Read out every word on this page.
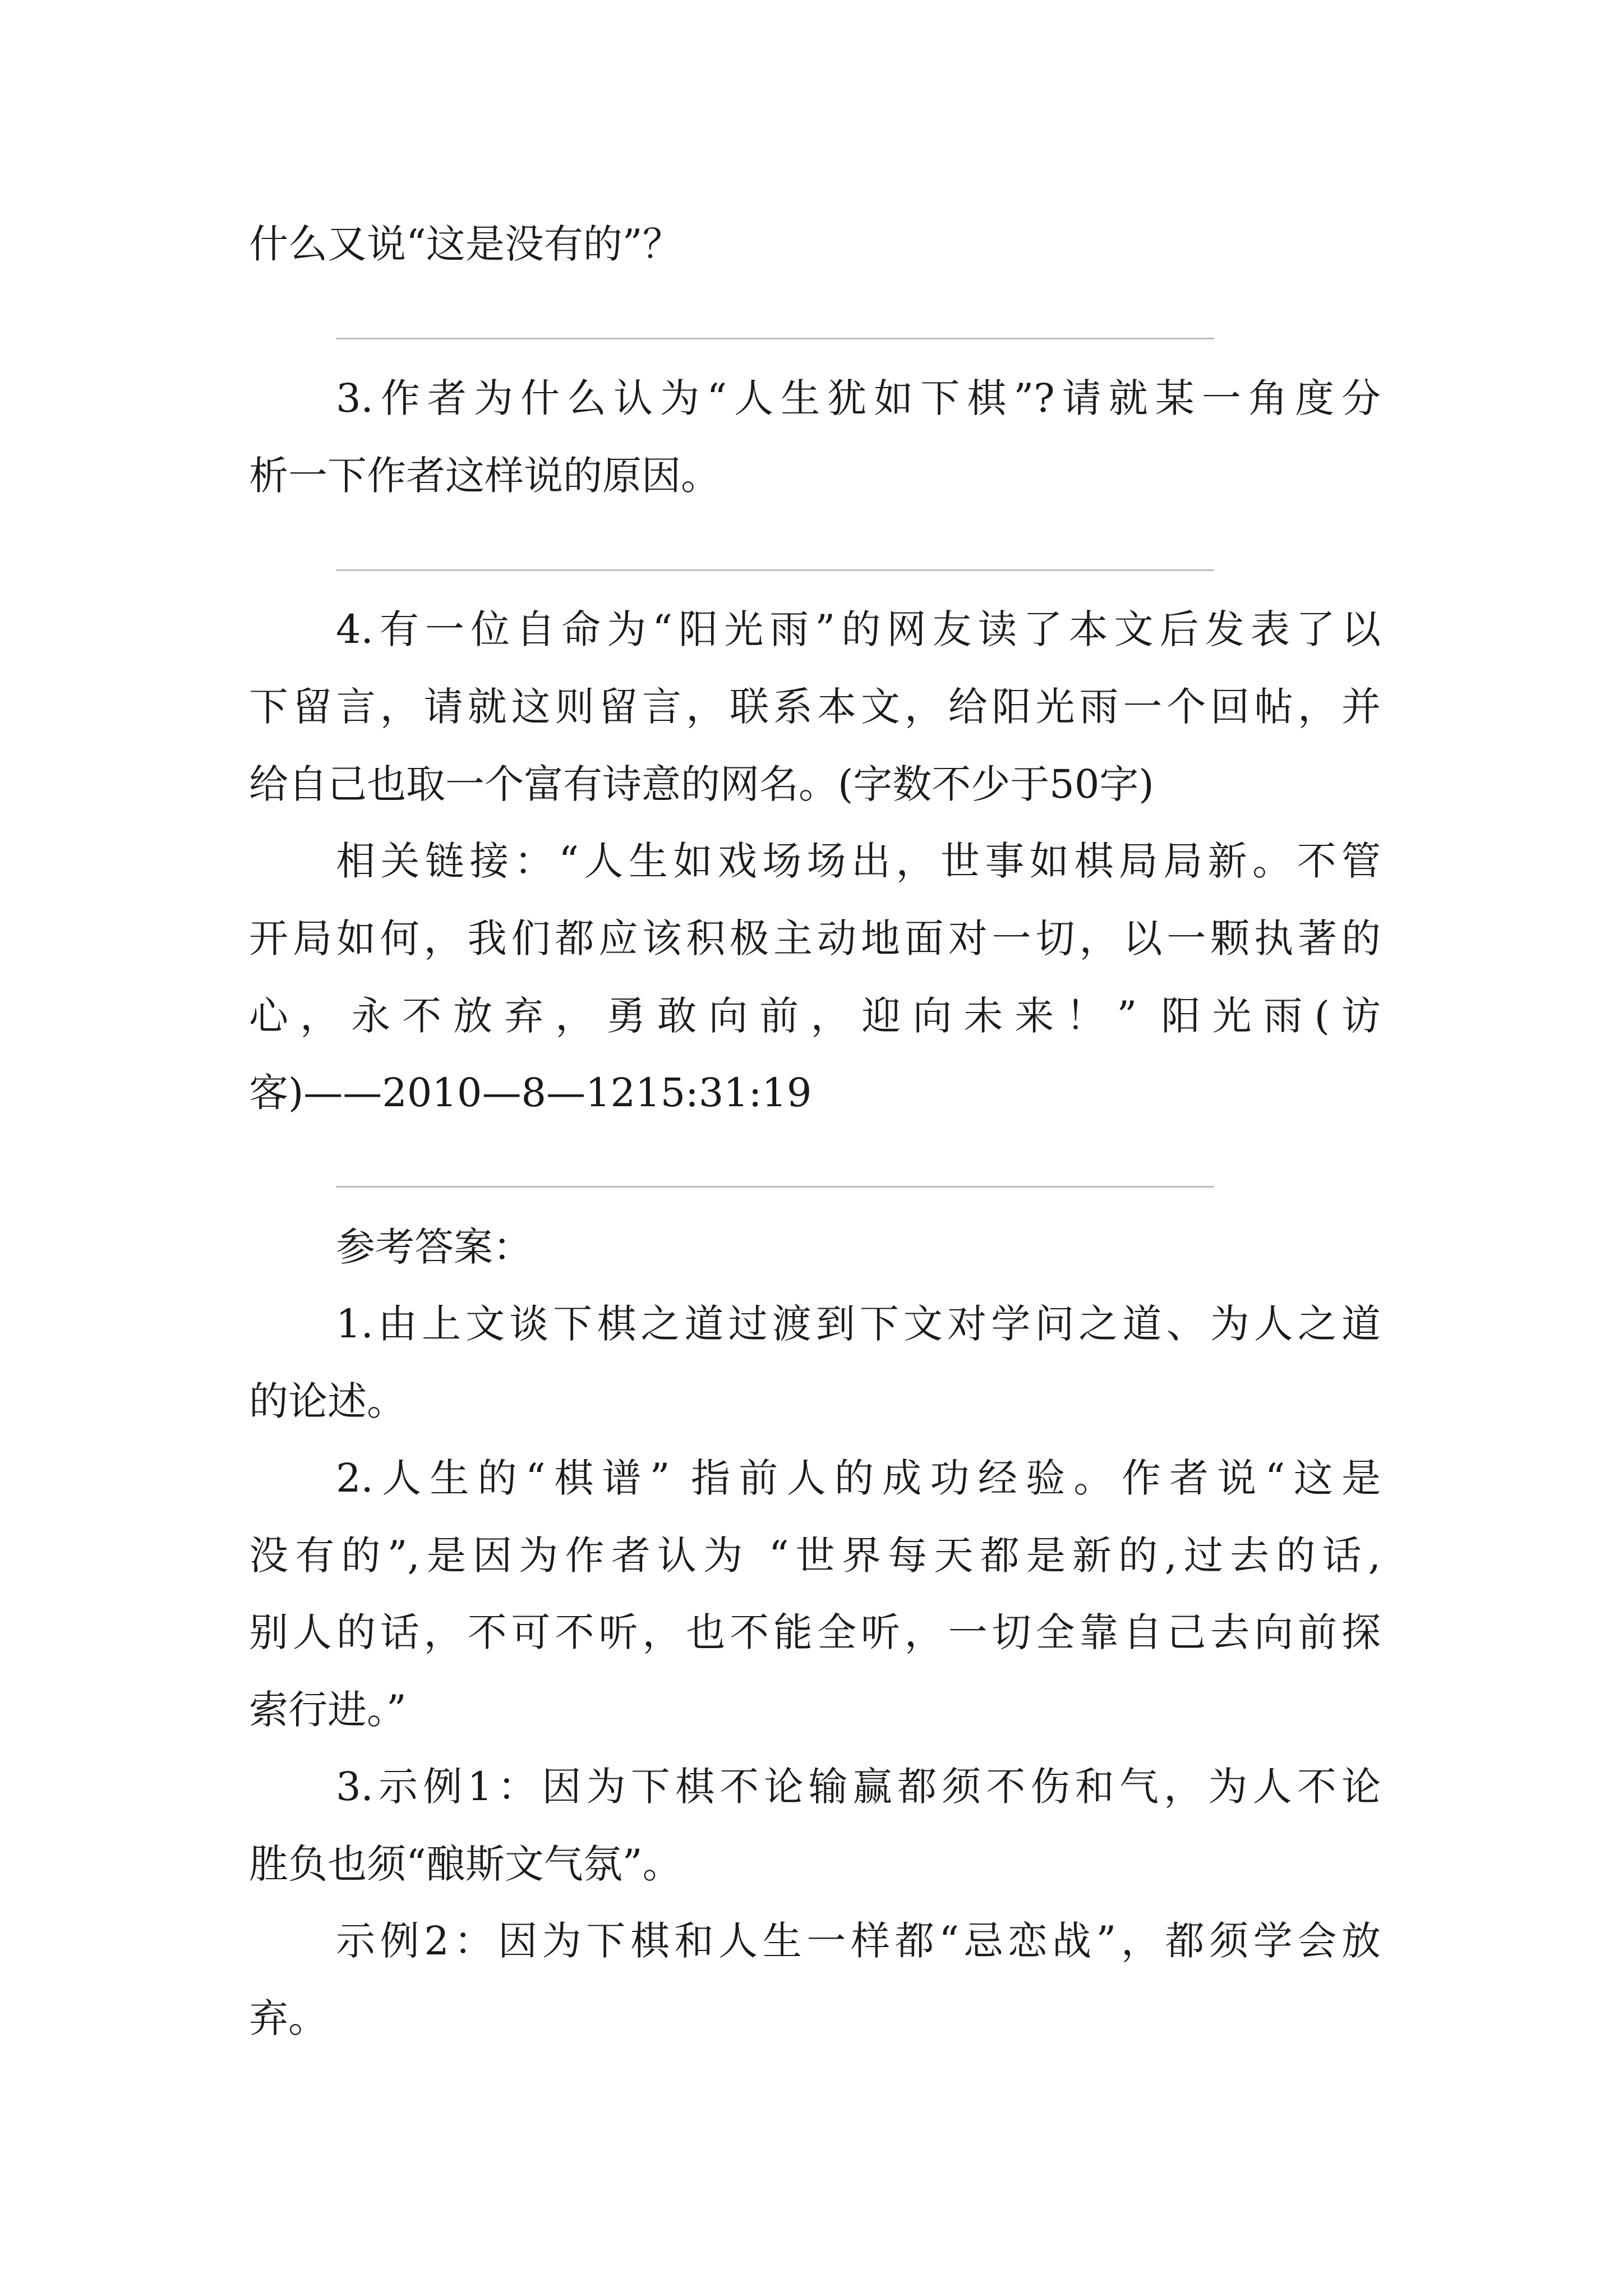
什么又说“这是没有的”？
3.作者为什么认为“人生犹如下棋”?请就某一角度分
析一下作者这样说的原因。
4.有一位自命为“阳光雨”的网友读了本文后发表了以
下留言，请就这则留言，联系本文，给阳光雨一个回帖，并
给自己也取一个富有诗意的网名。(字数不少于50字)
相关链接：“人生如戏场场出，世事如棋局局新。不管
开局如何，我们都应该积极主动地面对一切，以一颗执著的
心，永不放弃，勇敢向前，迎向未来！” 阳光雨(访
客)——2010—8—1215:31:19
参考答案：
1.由上文谈下棋之道过渡到下文对学问之道、为人之道
的论述。
2.人生的“棋谱” 指前人的成功经验。作者说“这是
没有的”,是因为作者认为 “世界每天都是新的,过去的话,
别人的话，不可不听，也不能全听，一切全靠自己去向前探
索行进。”
3.示例1：因为下棋不论输赢都须不伤和气，为人不论
胜负也须“酿斯文气氛”。
示例2：因为下棋和人生一样都“忌恋战”，都须学会放
弃。
